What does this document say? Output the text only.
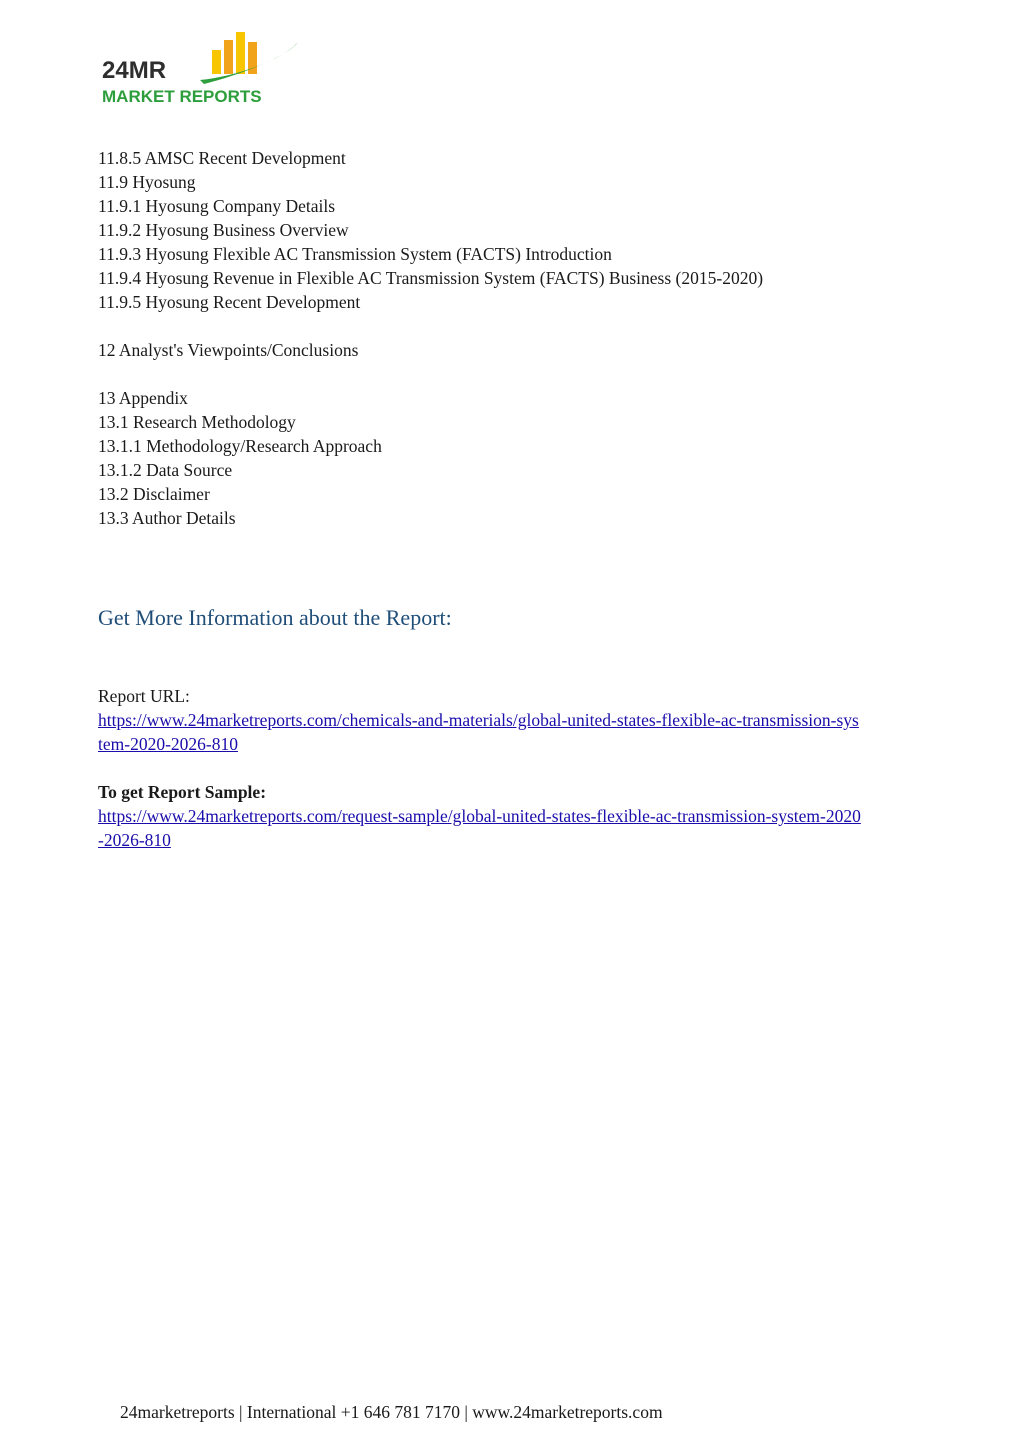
24MR
MARKET REPORTS
11.8.5 AMSC Recent Development
11.9 Hyosung
11.9.1 Hyosung Company Details
11.9.2 Hyosung Business Overview
11.9.3 Hyosung Flexible AC Transmission System (FACTS) Introduction
11.9.4 Hyosung Revenue in Flexible AC Transmission System (FACTS) Business (2015-2020)
11.9.5 Hyosung Recent Development
12 Analyst's Viewpoints/Conclusions
13 Appendix
13.1 Research Methodology
13.1.1 Methodology/Research Approach
13.1.2 Data Source
13.2 Disclaimer
13.3 Author Details
Get More Information about the Report:
Report URL:
https://www.24marketreports.com/chemicals-and-materials/global-united-states-flexible-ac-transmission-sys
tem-2020-2026-810
To get Report Sample:
https://www.24marketreports.com/request-sample/global-united-states-flexible-ac-transmission-system-2020
-2026-810
24marketreports | International +1 646 781 7170 | www.24marketreports.com
